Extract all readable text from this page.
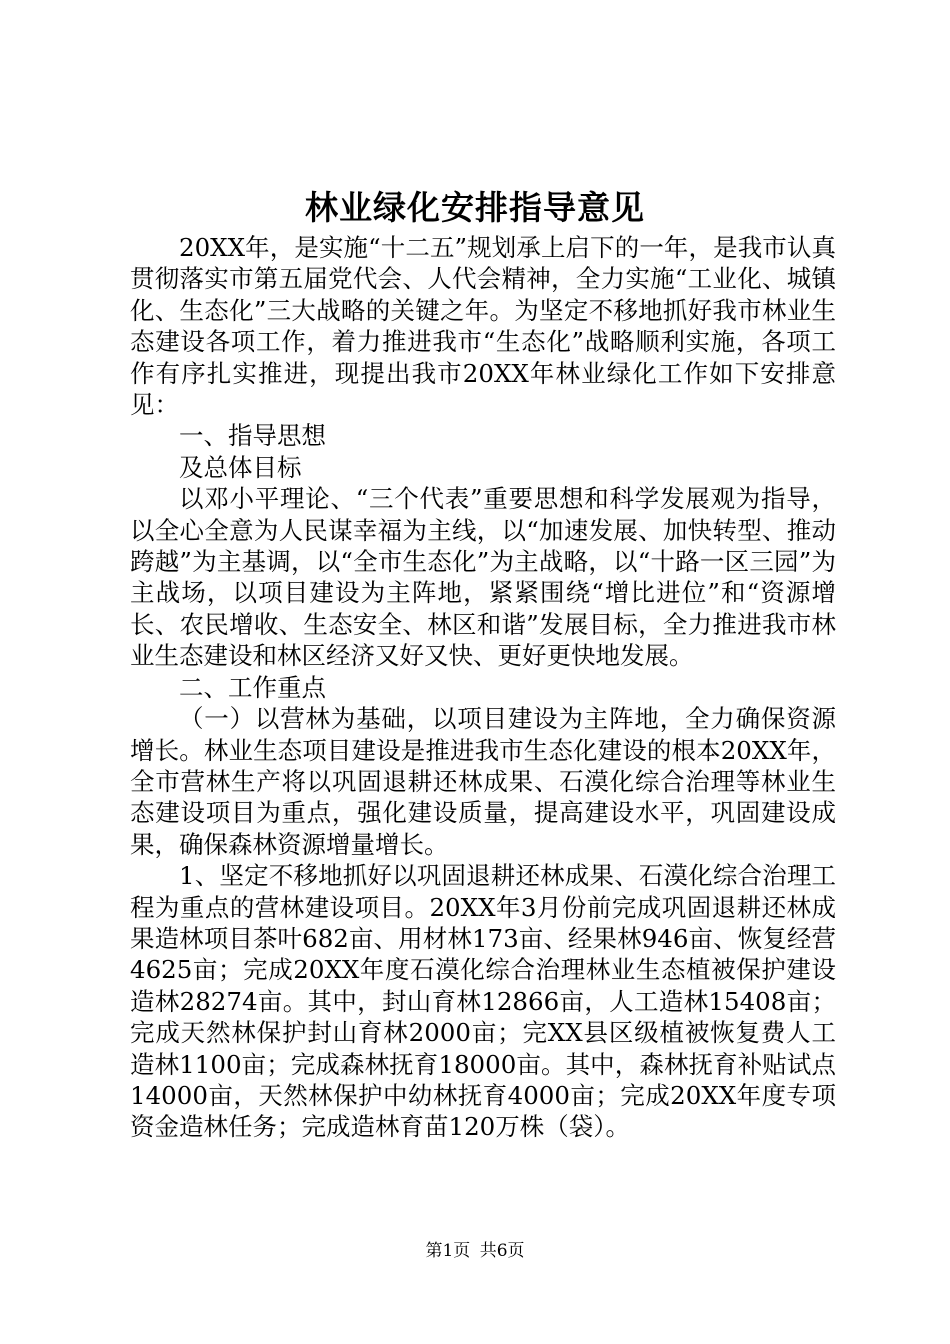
林业绿化安排指导意见

20XX年，是实施“十二五”规划承上启下的一年，是我市认真贯彻落实市第五届党代会、人代会精神，全力实施“工业化、城镇化、生态化”三大战略的关键之年。为坚定不移地抓好我市林业生态建设各项工作，着力推进我市“生态化”战略顺利实施，各项工作有序扎实推进，现提出我市20XX年林业绿化工作如下安排意见：

一、指导思想

及总体目标

以邓小平理论、“三个代表”重要思想和科学发展观为指导，以全心全意为人民谋幸福为主线，以“加速发展、加快转型、推动跨越”为主基调，以“全市生态化”为主战略，以“十路一区三园”为主战场，以项目建设为主阵地，紧紧围绕“增比进位”和“资源增长、农民增收、生态安全、林区和谐”发展目标，全力推进我市林业生态建设和林区经济又好又快、更好更快地发展。

二、工作重点

（一）以营林为基础，以项目建设为主阵地，全力确保资源增长。林业生态项目建设是推进我市生态化建设的根本20XX年，全市营林生产将以巩固退耕还林成果、石漠化综合治理等林业生态建设项目为重点，强化建设质量，提高建设水平，巩固建设成果，确保森林资源增量增长。

1、坚定不移地抓好以巩固退耕还林成果、石漠化综合治理工程为重点的营林建设项目。20XX年3月份前完成巩固退耕还林成果造林项目茶叶682亩、用材林173亩、经果林946亩、恢复经营4625亩；完成20XX年度石漠化综合治理林业生态植被保护建设造林28274亩。其中，封山育林12866亩，人工造林15408亩；完成天然林保护封山育林2000亩；完XX县区级植被恢复费人工造林1100亩；完成森林抚育18000亩。其中，森林抚育补贴试点14000亩，天然林保护中幼林抚育4000亩；完成20XX年度专项资金造林任务；完成造林育苗120万株（袋）。

第1页 共6页
